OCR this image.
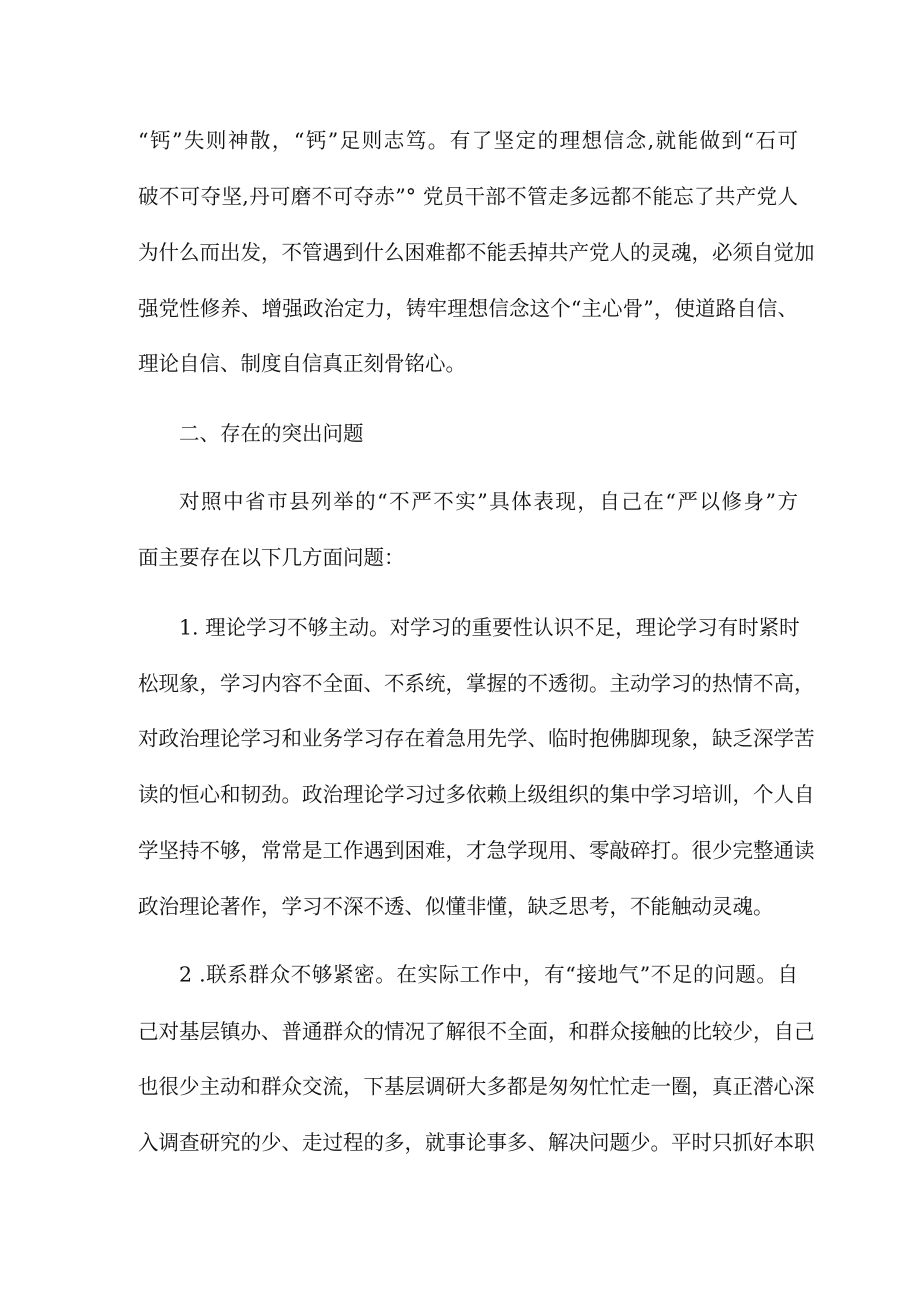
“钙”失则神散，“钙”足则志笃。有了坚定的理想信念,就能做到“石可
破不可夺坚,丹可磨不可夺赤”° 党员干部不管走多远都不能忘了共产党人
为什么而出发，不管遇到什么困难都不能丢掉共产党人的灵魂，必须自觉加
强党性修养、增强政治定力，铸牢理想信念这个“主心骨”，使道路自信、
理论自信、制度自信真正刻骨铭心。
二、存在的突出问题
对照中省市县列举的“不严不实”具体表现，自己在“严以修身”方
面主要存在以下几方面问题：
1. 理论学习不够主动。对学习的重要性认识不足，理论学习有时紧时
松现象，学习内容不全面、不系统，掌握的不透彻。主动学习的热情不高，
对政治理论学习和业务学习存在着急用先学、临时抱佛脚现象，缺乏深学苦
读的恒心和韧劲。政治理论学习过多依赖上级组织的集中学习培训，个人自
学坚持不够，常常是工作遇到困难，才急学现用、零敲碎打。很少完整通读
政治理论著作，学习不深不透、似懂非懂，缺乏思考，不能触动灵魂。
2 .联系群众不够紧密。在实际工作中，有“接地气”不足的问题。自
己对基层镇办、普通群众的情况了解很不全面，和群众接触的比较少，自己
也很少主动和群众交流，下基层调研大多都是匆匆忙忙走一圈，真正潜心深
入调查研究的少、走过程的多，就事论事多、解决问题少。平时只抓好本职
